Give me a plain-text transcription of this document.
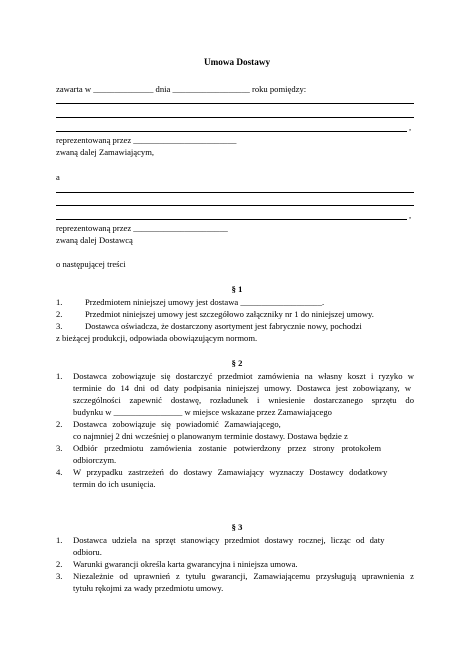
Umowa Dostawy
zawarta w ______________ dnia __________________ roku pomiędzy:
,
reprezentowaną przez ________________________
zwaną dalej Zamawiającym,
a
,
reprezentowaną przez ______________________
zwaną dalej Dostawcą
o następującej treści
§ 1
1.	Przedmiotem niniejszej umowy jest dostawa ___________________.
2.	Przedmiot niniejszej umowy jest szczegółowo załącznikу nr 1 do niniejszej umowy.
3.	Dostawca oświadcza, że dostarczony asortyment jest fabrycznie nowy, pochodzi
z bieżącej produkcji, odpowiada obowiązującym normom.
§ 2
1. Dostawca zobowiązuje się dostarczyć przedmiot zamówienia na własny koszt i ryzyko w
terminie do 14 dni od daty podpisania niniejszej umowy. Dostawca jest zobowiązany, w
szczególności zapewnić dostawę, rozładunek i wniesienie dostarczanego sprzętu do
budynku w ________________ w miejsce wskazane przez Zamawiającego
2. Dostawca zobowiązuje się powiadomić Zamawiającego,
co najmniej 2 dni wcześniej o planowanym terminie dostawy. Dostawa będzie z
3. Odbiór przedmiotu zamówienia zostanie potwierdzony przez strony protokołem
odbiorczym.
4. W przypadku zastrzeżeń do dostawy Zamawiający wyznaczy Dostawcy dodatkowy
termin do ich usunięcia.
§ 3
1. Dostawca udziela na sprzęt stanowiący przedmiot dostawy rocznej, licząc od daty
odbioru.
2. Warunki gwarancji określa karta gwarancyjna i niniejsza umowa.
3. Niezależnie od uprawnień z tytułu gwarancji, Zamawiającemu przysługują uprawnienia z
tytułu rękojmi za wady przedmiotu umowy.
